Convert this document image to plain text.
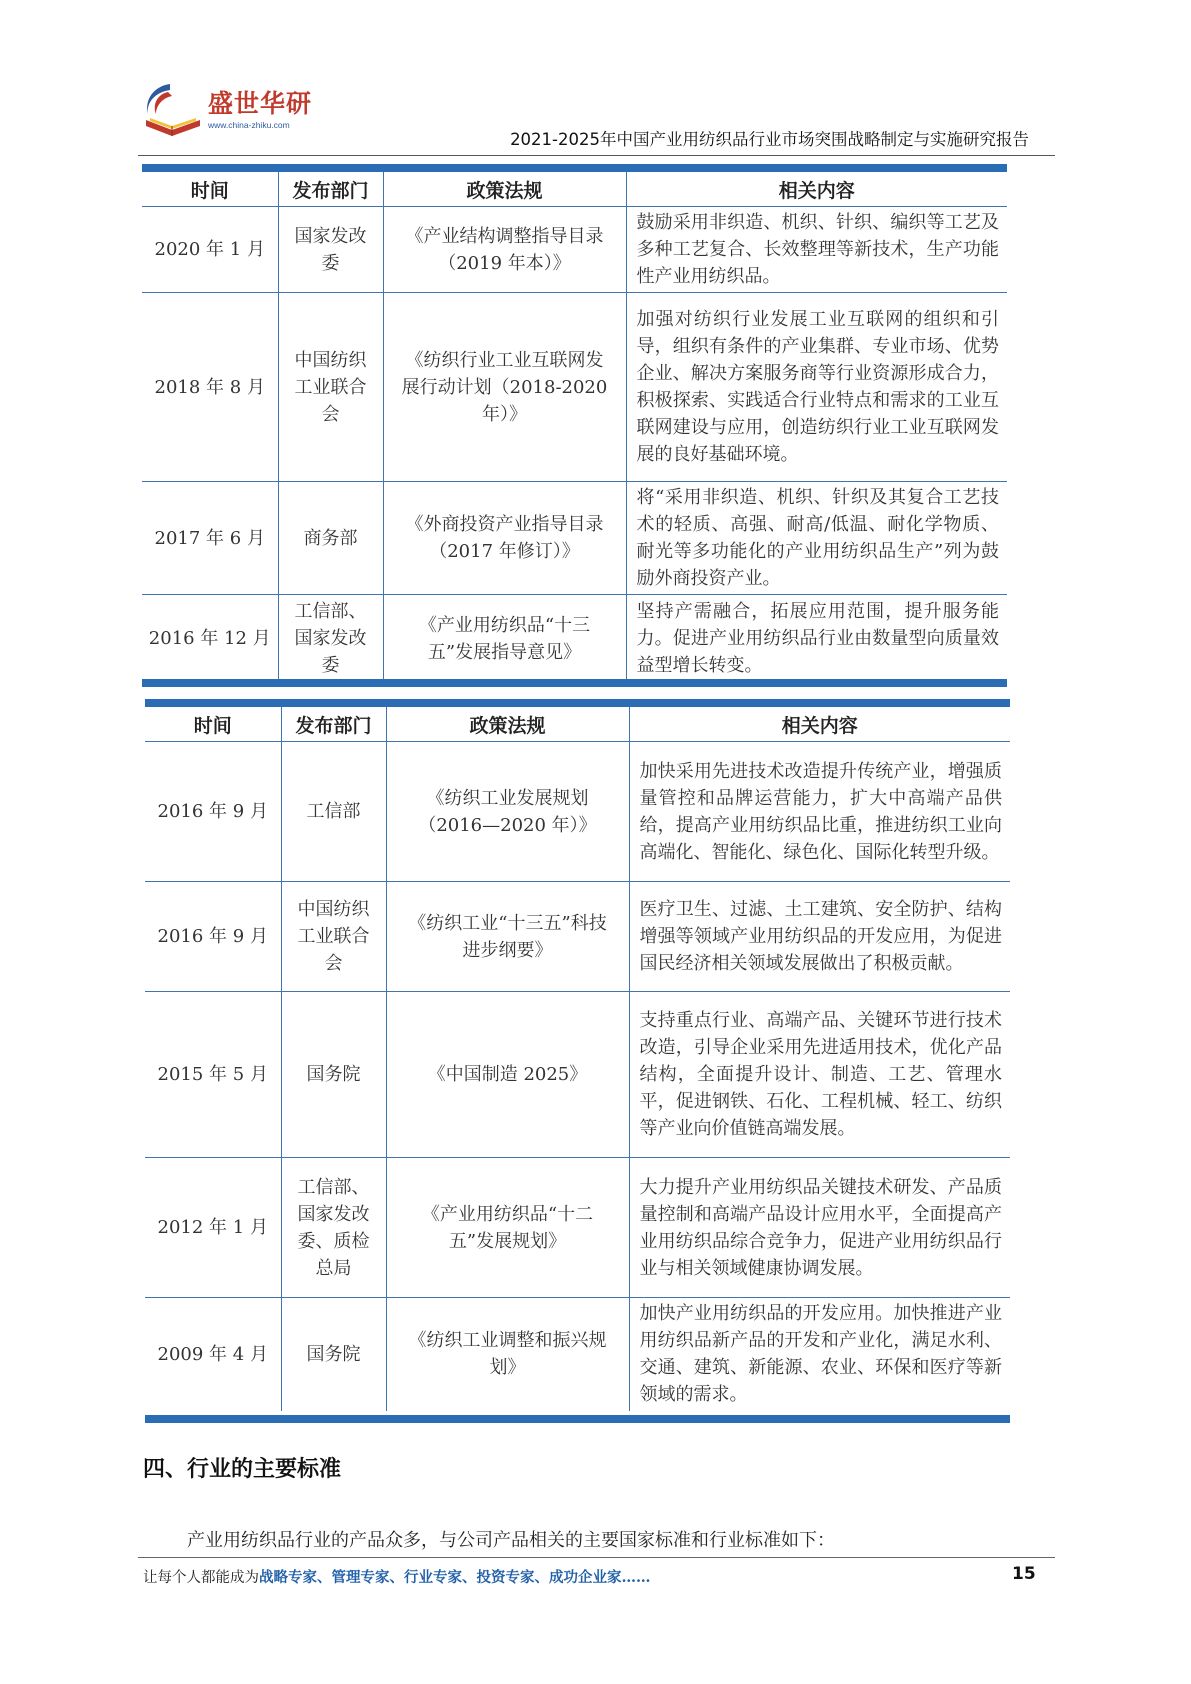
盛世华研
www.china-zhiku.com
2021-2025年中国产业用纺织品行业市场突围战略制定与实施研究报告
时间	发布部门	政策法规	相关内容
2020 年 1 月	国家发改委	《产业结构调整指导目录（2019 年本）》	鼓励采用非织造、机织、针织、编织等工艺及多种工艺复合、长效整理等新技术，生产功能性产业用纺织品。
2018 年 8 月	中国纺织工业联合会	《纺织行业工业互联网发展行动计划（2018-2020 年）》	加强对纺织行业发展工业互联网的组织和引导，组织有条件的产业集群、专业市场、优势企业、解决方案服务商等行业资源形成合力，积极探索、实践适合行业特点和需求的工业互联网建设与应用，创造纺织行业工业互联网发展的良好基础环境。
2017 年 6 月	商务部	《外商投资产业指导目录（2017 年修订）》	将“采用非织造、机织、针织及其复合工艺技术的轻质、高强、耐高/低温、耐化学物质、耐光等多功能化的产业用纺织品生产”列为鼓励外商投资产业。
2016 年 12 月	工信部、国家发改委	《产业用纺织品“十三五”发展指导意见》	坚持产需融合，拓展应用范围，提升服务能力。促进产业用纺织品行业由数量型向质量效益型增长转变。
时间	发布部门	政策法规	相关内容
2016 年 9 月	工信部	《纺织工业发展规划（2016—2020 年）》	加快采用先进技术改造提升传统产业，增强质量管控和品牌运营能力，扩大中高端产品供给，提高产业用纺织品比重，推进纺织工业向高端化、智能化、绿色化、国际化转型升级。
2016 年 9 月	中国纺织工业联合会	《纺织工业“十三五”科技进步纲要》	医疗卫生、过滤、土工建筑、安全防护、结构增强等领域产业用纺织品的开发应用，为促进国民经济相关领域发展做出了积极贡献。
2015 年 5 月	国务院	《中国制造 2025》	支持重点行业、高端产品、关键环节进行技术改造，引导企业采用先进适用技术，优化产品结构，全面提升设计、制造、工艺、管理水平，促进钢铁、石化、工程机械、轻工、纺织等产业向价值链高端发展。
2012 年 1 月	工信部、国家发改委、质检总局	《产业用纺织品“十二五”发展规划》	大力提升产业用纺织品关键技术研发、产品质量控制和高端产品设计应用水平，全面提高产业用纺织品综合竞争力，促进产业用纺织品行业与相关领域健康协调发展。
2009 年 4 月	国务院	《纺织工业调整和振兴规划》	加快产业用纺织品的开发应用。加快推进产业用纺织品新产品的开发和产业化，满足水利、交通、建筑、新能源、农业、环保和医疗等新领域的需求。
四、行业的主要标准
产业用纺织品行业的产品众多，与公司产品相关的主要国家标准和行业标准如下：
让每个人都能成为战略专家、管理专家、行业专家、投资专家、成功企业家……	15
